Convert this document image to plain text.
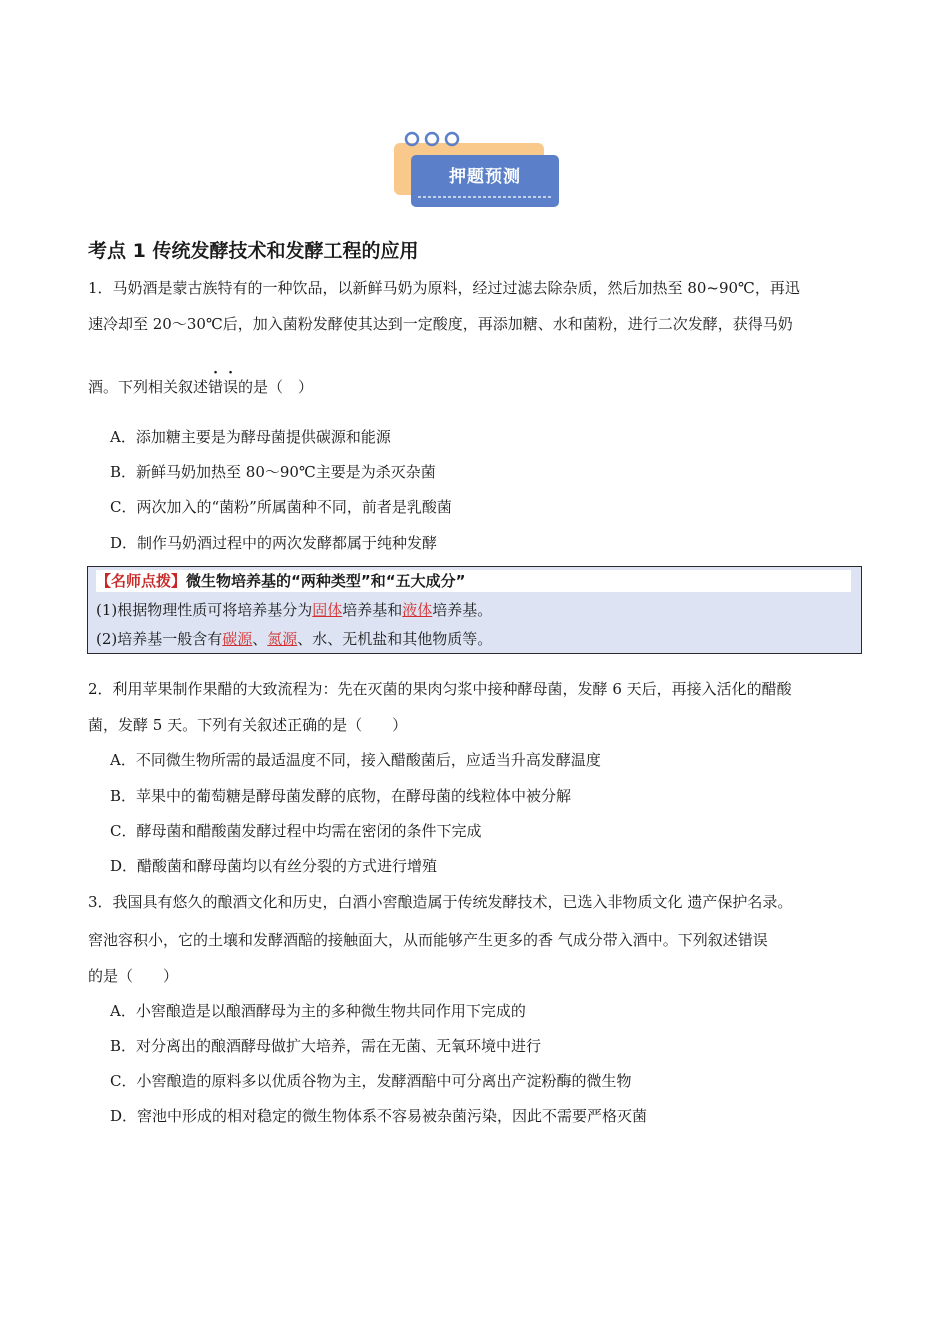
押题预测
考点 1 传统发酵技术和发酵工程的应用
1．马奶酒是蒙古族特有的一种饮品，以新鲜马奶为原料，经过过滤去除杂质，然后加热至 80~90℃，再迅
速冷却至 20～30℃后，加入菌粉发酵使其达到一定酸度，再添加糖、水和菌粉，进行二次发酵，获得马奶
酒。下列相关叙述错误的是（　）
A．添加糖主要是为酵母菌提供碳源和能源
B．新鲜马奶加热至 80～90℃主要是为杀灭杂菌
C．两次加入的“菌粉”所属菌种不同，前者是乳酸菌
D．制作马奶酒过程中的两次发酵都属于纯种发酵
【名师点拨】微生物培养基的“两种类型”和“五大成分”
(1)根据物理性质可将培养基分为固体培养基和液体培养基。
(2)培养基一般含有碳源、氮源、水、无机盐和其他物质等。
2．利用苹果制作果醋的大致流程为：先在灭菌的果肉匀浆中接种酵母菌，发酵 6 天后，再接入活化的醋酸
菌，发酵 5 天。下列有关叙述正确的是（　　）
A．不同微生物所需的最适温度不同，接入醋酸菌后，应适当升高发酵温度
B．苹果中的葡萄糖是酵母菌发酵的底物，在酵母菌的线粒体中被分解
C．酵母菌和醋酸菌发酵过程中均需在密闭的条件下完成
D．醋酸菌和酵母菌均以有丝分裂的方式进行增殖
3．我国具有悠久的酿酒文化和历史，白酒小窖酿造属于传统发酵技术，已选入非物质文化 遗产保护名录。
窖池容积小，它的土壤和发酵酒醅的接触面大，从而能够产生更多的香 气成分带入酒中。下列叙述错误
的是（　　）
A．小窖酿造是以酿酒酵母为主的多种微生物共同作用下完成的
B．对分离出的酿酒酵母做扩大培养，需在无菌、无氧环境中进行
C．小窖酿造的原料多以优质谷物为主，发酵酒醅中可分离出产淀粉酶的微生物
D．窖池中形成的相对稳定的微生物体系不容易被杂菌污染，因此不需要严格灭菌
